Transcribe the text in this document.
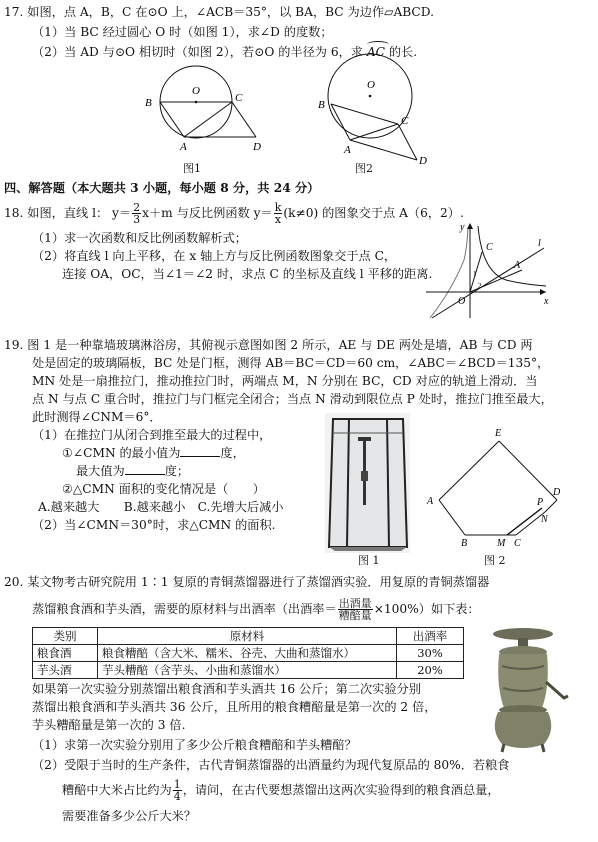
17. 如图，点 A，B，C 在⊙O 上，∠ACB＝35°，以 BA，BC 为边作▱ABCD.
（1）当 BC 经过圆心 O 时（如图 1），求∠D 的度数；
（2）当 AD 与⊙O 相切时（如图 2），若⊙O 的半径为 6，求 AC 的长.
B
O
C
A	D
图1
B
O
C
A
D
图2
四、解答题（本大题共 3 小题，每小题 8 分，共 24 分）
18. 如图，直线 l： $y= \frac{2}{3} x+m$ 与反比例函数 $y= \frac{k}{x} (k\ne 0)$ 的图象交于点 A（6，2）.
（1）求一次函数和反比例函数解析式；
（2）将直线 l 向上平移，在 x 轴上方与反比例函数图象交于点 C，
连接 OA，OC，当∠1＝∠2 时，求点 C 的坐标及直线 l 平移的距离.
y
x
O
C
A
l
1
2
19. 图 1 是一种靠墙玻璃淋浴房，其俯视示意图如图 2 所示，AE 与 DE 两处是墙，AB 与 CD 两
处是固定的玻璃隔板，BC 处是门框，测得 AB＝BC＝CD＝60 cm，∠ABC＝∠BCD＝135°，
MN 处是一扇推拉门，推动推拉门时，两端点 M，N 分别在 BC，CD 对应的轨道上滑动．当
点 N 与点 C 重合时，推拉门与门框完全闭合；当点 N 滑动到限位点 P 处时，推拉门推至最大，
此时测得∠CNM＝6°．
（1）在推拉门从闭合到推至最大的过程中，
①∠CMN 的最小值为	度，
最大值为	度；
②△CMN 面积的变化情况是（　　）
A.越来越大　　B.越来越小　C.先增大后减小
（2）当∠CMN＝30°时，求△CMN 的面积.
图 1
E
A
D
P
C
N
B	M
图 2
20. 某文物考古研究院用 1∶1 复原的青铜蒸馏器进行了蒸馏酒实验．用复原的青铜蒸馏器
蒸馏粮食酒和芋头酒，需要的原材料与出酒率（出酒率＝ $\frac{\text{出酒量}}{\text{糟醅量}} \times 100\%$）如下表：
类别	原材料	出酒率
粮食酒	粮食糟醅（含大米、糯米、谷壳、大曲和蒸馏水）	30%
芋头酒	芋头糟醅（含芋头、小曲和蒸馏水）	20%
如果第一次实验分别蒸馏出粮食酒和芋头酒共 16 公斤；第二次实验分别
蒸馏出粮食酒和芋头酒共 36 公斤，且所用的粮食糟醅量是第一次的 2 倍，
芋头糟醅量是第一次的 3 倍.
（1）求第一次实验分别用了多少公斤粮食糟醅和芋头糟醅？
（2）受限于当时的生产条件，古代青铜蒸馏器的出酒量约为现代复原品的 80%．若粮食
糟醅中大米占比约为 $\frac{1}{4}$ ，请问，在古代要想蒸馏出这两次实验得到的粮食酒总量，
需要准备多少公斤大米？
